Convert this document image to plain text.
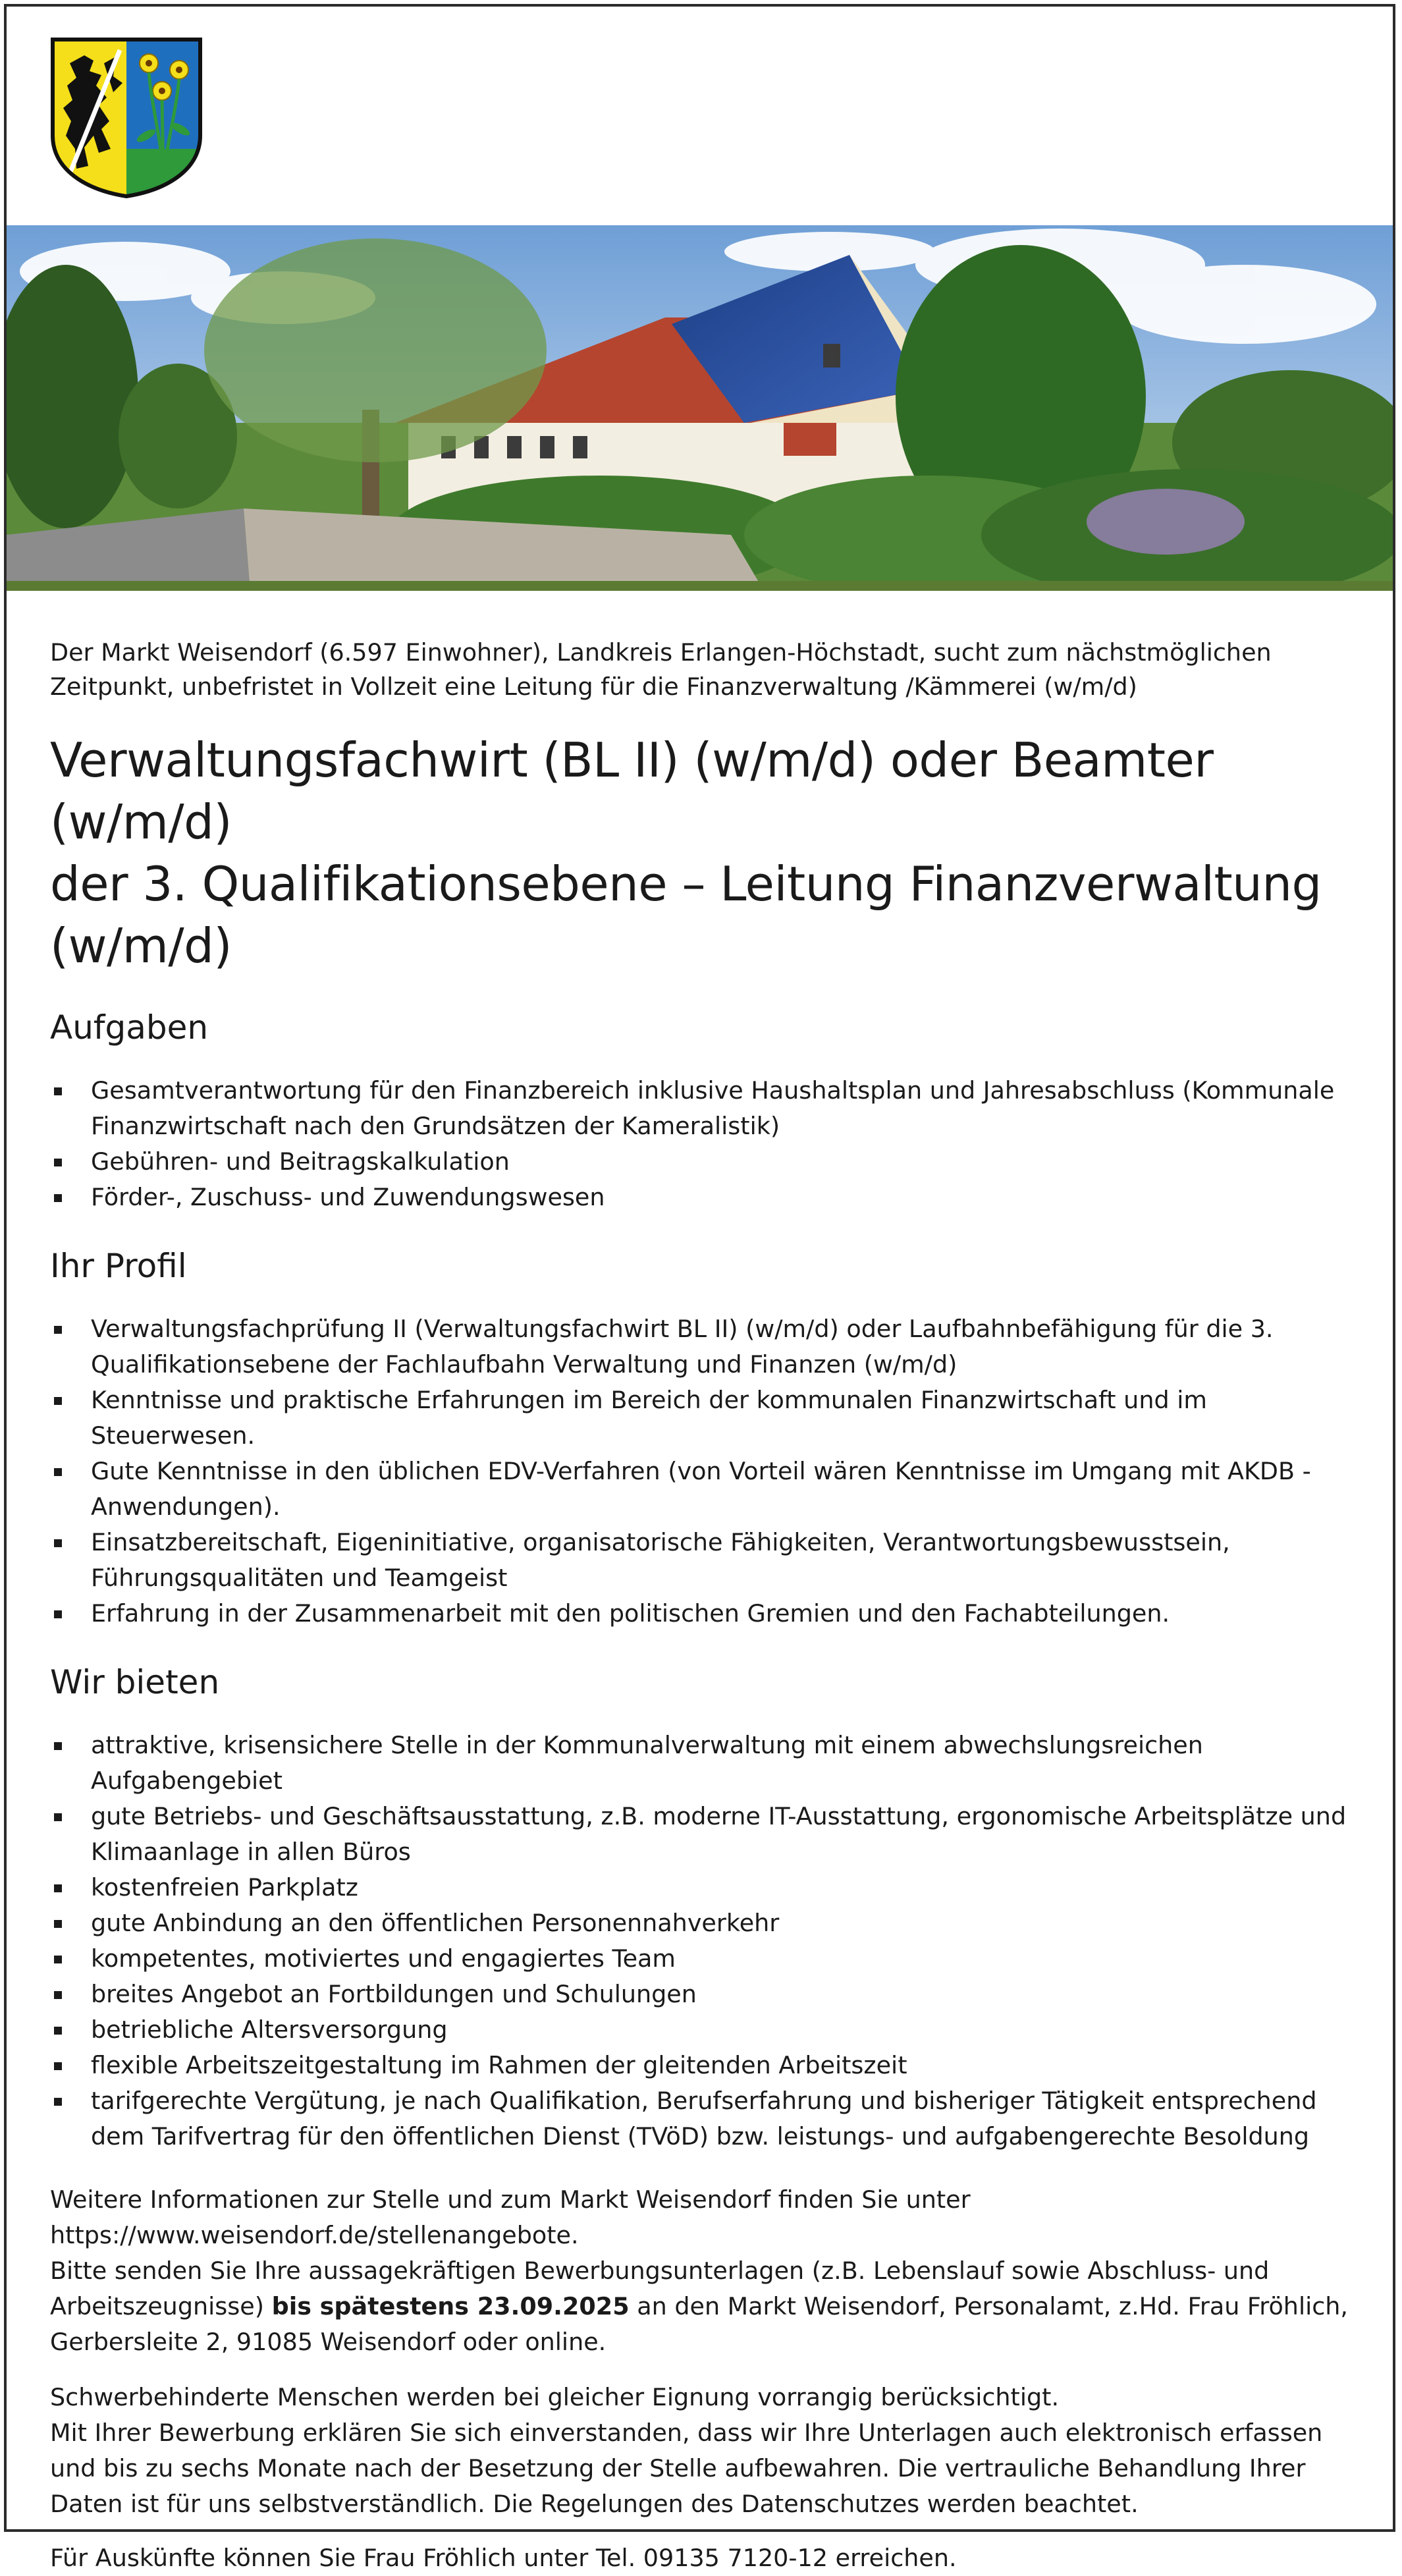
Der Markt Weisendorf (6.597 Einwohner), Landkreis Erlangen-Höchstadt, sucht zum nächstmöglichen Zeitpunkt, unbefristet in Vollzeit eine Leitung für die Finanzverwaltung /Kämmerei (w/m/d)

Verwaltungsfachwirt (BL II) (w/m/d) oder Beamter (w/m/d)
der 3. Qualifikationsebene – Leitung Finanzverwaltung
(w/m/d)
Aufgaben
Gesamtverantwortung für den Finanzbereich inklusive Haushaltsplan und Jahresabschluss (Kommunale Finanzwirtschaft nach den Grundsätzen der Kameralistik)
Gebühren- und Beitragskalkulation
Förder-, Zuschuss- und Zuwendungswesen
Ihr Profil
Verwaltungsfachprüfung II (Verwaltungsfachwirt BL II) (w/m/d) oder Laufbahnbefähigung für die 3. Qualifikationsebene der Fachlaufbahn Verwaltung und Finanzen (w/m/d)
Kenntnisse und praktische Erfahrungen im Bereich der kommunalen Finanzwirtschaft und im Steuerwesen.
Gute Kenntnisse in den üblichen EDV-Verfahren (von Vorteil wären Kenntnisse im Umgang mit AKDB - Anwendungen).
Einsatzbereitschaft, Eigeninitiative, organisatorische Fähigkeiten, Verantwortungsbewusstsein, Führungsqualitäten und Teamgeist
Erfahrung in der Zusammenarbeit mit den politischen Gremien und den Fachabteilungen.
Wir bieten
attraktive, krisensichere Stelle in der Kommunalverwaltung mit einem abwechslungsreichen Aufgabengebiet
gute Betriebs- und Geschäftsausstattung, z.B. moderne IT-Ausstattung, ergonomische Arbeitsplätze und Klimaanlage in allen Büros
kostenfreien Parkplatz
gute Anbindung an den öffentlichen Personennahverkehr
kompetentes, motiviertes und engagiertes Team
breites Angebot an Fortbildungen und Schulungen
betriebliche Altersversorgung
flexible Arbeitszeitgestaltung im Rahmen der gleitenden Arbeitszeit
tarifgerechte Vergütung, je nach Qualifikation, Berufserfahrung und bisheriger Tätigkeit entsprechend dem Tarifvertrag für den öffentlichen Dienst (TVöD) bzw. leistungs- und aufgabengerechte Besoldung

Weitere Informationen zur Stelle und zum Markt Weisendorf finden Sie unter
https://www.weisendorf.de/stellenangebote.
Bitte senden Sie Ihre aussagekräftigen Bewerbungsunterlagen (z.B. Lebenslauf sowie Abschluss- und Arbeitszeugnisse) bis spätestens 23.09.2025 an den Markt Weisendorf, Personalamt, z.Hd. Frau Fröhlich, Gerbersleite 2, 91085 Weisendorf oder online.

Schwerbehinderte Menschen werden bei gleicher Eignung vorrangig berücksichtigt.
Mit Ihrer Bewerbung erklären Sie sich einverstanden, dass wir Ihre Unterlagen auch elektronisch erfassen und bis zu sechs Monate nach der Besetzung der Stelle aufbewahren. Die vertrauliche Behandlung Ihrer Daten ist für uns selbstverständlich. Die Regelungen des Datenschutzes werden beachtet.

Für Auskünfte können Sie Frau Fröhlich unter Tel. 09135 7120-12 erreichen.
